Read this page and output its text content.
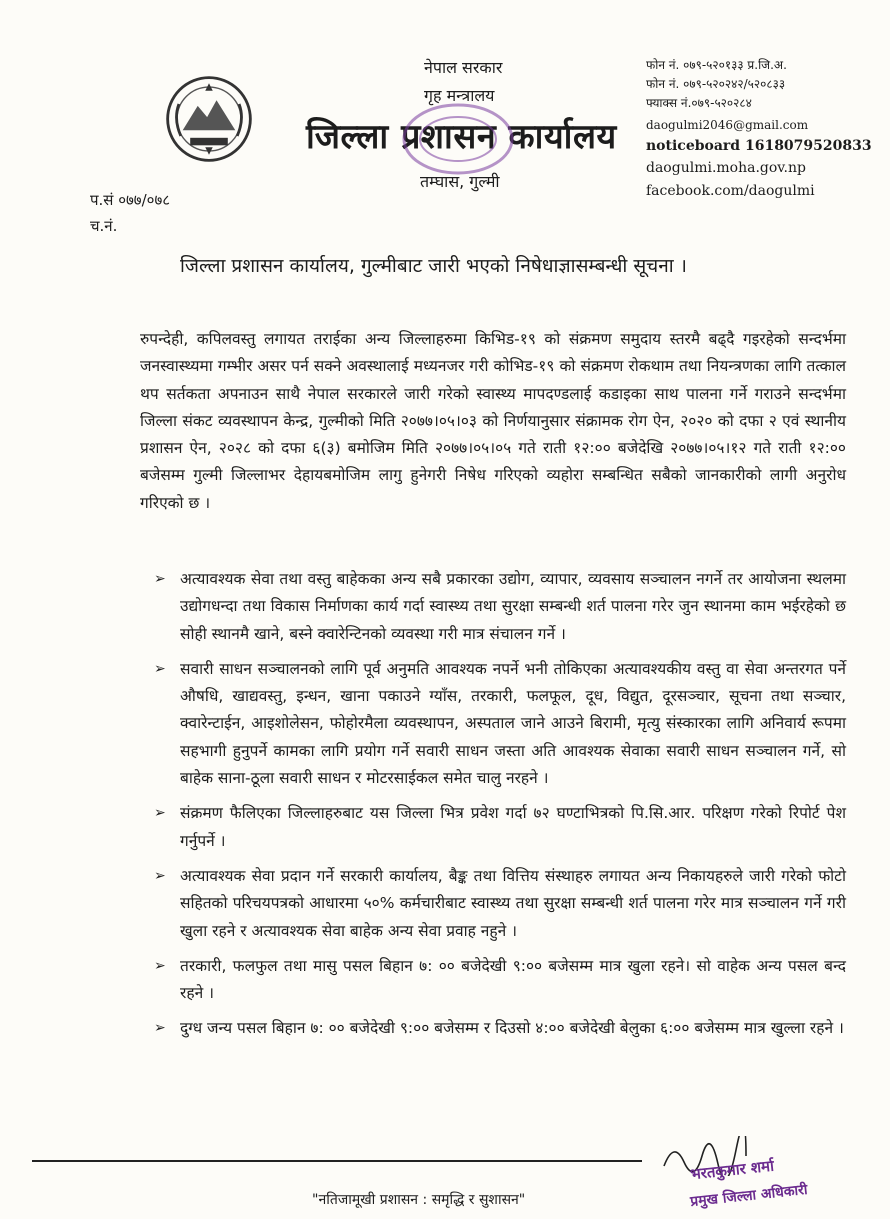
नेपाल सरकार
गृह मन्त्रालय
जिल्ला प्रशासन कार्यालय
तम्घास, गुल्मी
फोन नं. ०७९-५२०१३३ प्र.जि.अ.
फोन नं. ०७९-५२०२४२/५२०८३३
फ्याक्स नं.०७९-५२०२८४
daogulmi2046@gmail.com
noticeboard 1618079520833
daogulmi.moha.gov.np
facebook.com/daogulmi
प.सं ०७७/०७८
च.नं.
जिल्ला प्रशासन कार्यालय, गुल्मीबाट जारी भएको निषेधाज्ञासम्बन्धी सूचना ।
रुपन्देही, कपिलवस्तु लगायत तराईका अन्य जिल्लाहरुमा किभिड-१९ को संक्रमण समुदाय स्तरमै बढ्दै गइरहेको सन्दर्भमा जनस्वास्थ्यमा गम्भीर असर पर्न सक्ने अवस्थालाई मध्यनजर गरी कोभिड-१९ को संक्रमण रोकथाम तथा नियन्त्रणका लागि तत्काल थप सर्तकता अपनाउन साथै नेपाल सरकारले जारी गरेको स्वास्थ्य मापदण्डलाई कडाइका साथ पालना गर्ने गराउने सन्दर्भमा जिल्ला संकट व्यवस्थापन केन्द्र, गुल्मीको मिति २०७७।०५।०३ को निर्णयानुसार संक्रामक रोग ऐन, २०२० को दफा २ एवं स्थानीय प्रशासन ऐन, २०२८ को दफा ६(३) बमोजिम मिति २०७७।०५।०५ गते राती १२:०० बजेदेखि २०७७।०५।१२ गते राती १२:०० बजेसम्म गुल्मी जिल्लाभर देहायबमोजिम लागु हुनेगरी निषेध गरिएको व्यहोरा सम्बन्धित सबैको जानकारीको लागी अनुरोध गरिएको छ ।
➢ अत्यावश्यक सेवा तथा वस्तु बाहेकका अन्य सबै प्रकारका उद्योग, व्यापार, व्यवसाय सञ्चालन नगर्ने तर आयोजना स्थलमा उद्योगधन्दा तथा विकास निर्माणका कार्य गर्दा स्वास्थ्य तथा सुरक्षा सम्बन्धी शर्त पालना गरेर जुन स्थानमा काम भईरहेको छ सोही स्थानमै खाने, बस्ने क्वारेन्टिनको व्यवस्था गरी मात्र संचालन गर्ने ।
➢ सवारी साधन सञ्चालनको लागि पूर्व अनुमति आवश्यक नपर्ने भनी तोकिएका अत्यावश्यकीय वस्तु वा सेवा अन्तरगत पर्ने औषधि, खाद्यवस्तु, इन्धन, खाना पकाउने ग्याँस, तरकारी, फलफूल, दूध, विद्युत, दूरसञ्चार, सूचना तथा सञ्चार, क्वारेन्टाईन, आइशोलेसन, फोहोरमैला व्यवस्थापन, अस्पताल जाने आउने बिरामी, मृत्यु संस्कारका लागि अनिवार्य रूपमा सहभागी हुनुपर्ने कामका लागि प्रयोग गर्ने सवारी साधन जस्ता अति आवश्यक सेवाका सवारी साधन सञ्चालन गर्ने, सो बाहेक साना-ठूला सवारी साधन र मोटरसाईकल समेत चालु नरहने ।
➢ संक्रमण फैलिएका जिल्लाहरुबाट यस जिल्ला भित्र प्रवेश गर्दा ७२ घण्टाभित्रको पि.सि.आर. परिक्षण गरेको रिपोर्ट पेश गर्नुपर्ने ।
➢ अत्यावश्यक सेवा प्रदान गर्ने सरकारी कार्यालय, बैङ्क तथा वित्तिय संस्थाहरु लगायत अन्य निकायहरुले जारी गरेको फोटो सहितको परिचयपत्रको आधारमा ५०% कर्मचारीबाट स्वास्थ्य तथा सुरक्षा सम्बन्धी शर्त पालना गरेर मात्र सञ्चालन गर्ने गरी खुला रहने र अत्यावश्यक सेवा बाहेक अन्य सेवा प्रवाह नहुने ।
➢ तरकारी, फलफुल तथा मासु पसल बिहान ७: ०० बजेदेखी ९:०० बजेसम्म मात्र खुला रहने। सो वाहेक अन्य पसल बन्द रहने ।
➢ दुग्ध जन्य पसल बिहान ७: ०० बजेदेखी ९:०० बजेसम्म र दिउसो ४:०० बजेदेखी बेलुका ६:०० बजेसम्म मात्र खुल्ला रहने ।
भरतकुमार शर्मा
प्रमुख जिल्ला अधिकारी
"नतिजामूखी प्रशासन : समृद्धि र सुशासन"
